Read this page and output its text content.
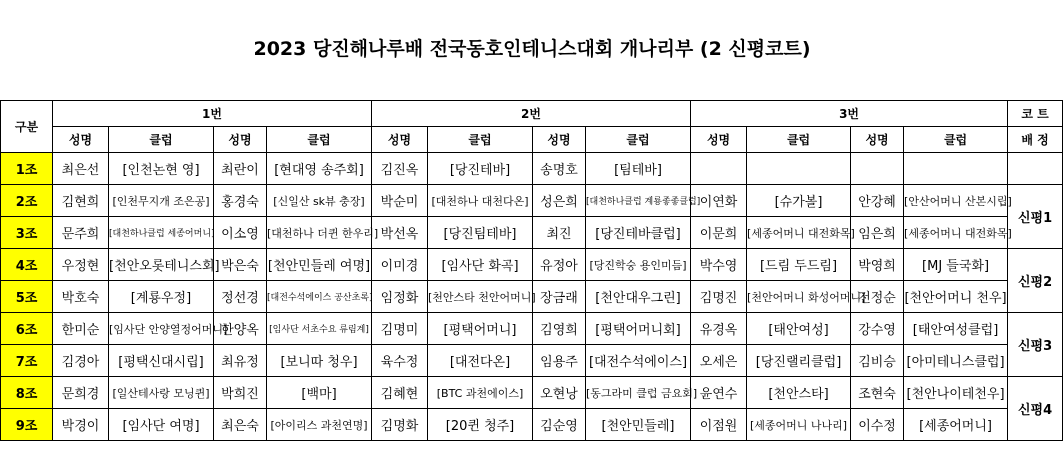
2023 당진해나루배 전국동호인테니스대회 개나리부 (2 신평코트)
구분	1번				2번				3번				코 트
	성명	클럽	성명	클럽	성명	클럽	성명	클럽	성명	클럽	성명	클럽	배 정
1조	최은선	[인천논현 영]	최란이	[현대영 송주회]	김진옥	[당진테바]	송명호	[팀테바]					
2조	김현희	[인천무지개 조은공]	홍경숙	[신일산 sk뷰 충장]	박순미	[대천하나 대천다온]	성은희	[대천하나클럽 계룡좋좋클럽]	이연화	[슈가볼]	안강혜	[안산어머니 산본시립]	신평1
3조	문주희	[대천하나클럽 세종어머니]	이소영	[대천하나 더퀸 한우리]	박선옥	[당진팀테바]	최진	[당진테바클럽]	이문희	[세종어머니 대전화목]	임은희	[세종어머니 대전화목]	
4조	우정현	[천안오롯테니스회]	박은숙	[천안민들레 여명]	이미경	[임사단 화곡]	유정아	[당진학숭 용인미듬]	박수영	[드림 두드림]	박영희	[MJ 들국화]	신평2
5조	박호숙	[계룡우정]	정선경	[대전수석에이스 공산초록]	임정화	[천안스타 천안어머니]	장금래	[천안대우그린]	김명진	[천안어머니 화성어머니]	전정순	[천안어머니 천우]	
6조	한미순	[임사단 안양열정어머니]	한양옥	[임사단 서초수요 류림계]	김명미	[평택어머니]	김영희	[평택어머니회]	유경옥	[태안여성]	강수영	[태안여성클럽]	신평3
7조	김경아	[평택신대시립]	최유정	[보니따 청우]	육수정	[대전다온]	임용주	[대전수석에이스]	오세은	[당진랠리클럽]	김비승	[아미테니스클럽]	
8조	문희경	[일산테사랑 모닝퀸]	박희진	[백마]	김혜현	[BTC 과천에이스]	오현낭	[동그라미 클럽 금요회]	윤연수	[천안스타]	조현숙	[천안나이테천우]	신평4
9조	박경이	[임사단 여명]	최은숙	[아이리스 과천연명]	김명화	[20퀸 청주]	김순영	[천안민들레]	이점원	[세종어머니 나나리]	이수정	[세종어머니]	
